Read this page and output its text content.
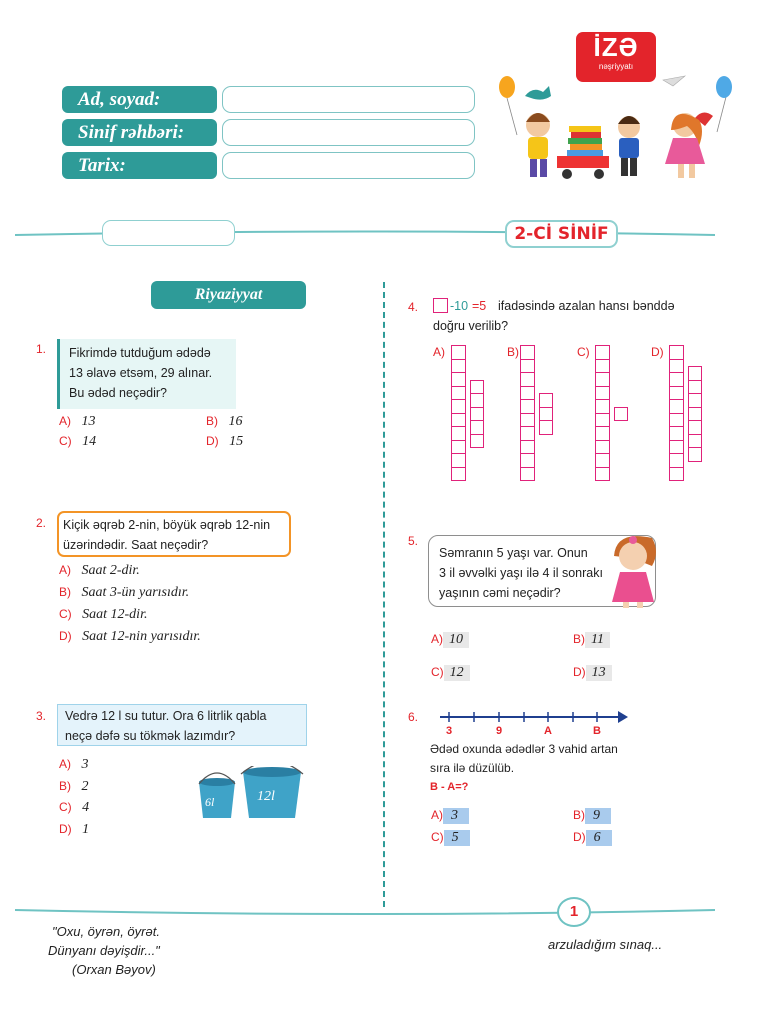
Ad, soyad:
Sinif rəhbəri:
Tarix:
İZƏ
nəşriyyatı
2-Cİ SİNİF
Riyaziyyat
1. Fikrimdə tutduğum ədədə
13 əlavə etsəm, 29 alınar.
Bu ədəd neçədir?
A) 13	B) 16
C) 14	D) 15
2. Kiçik əqrəb 2-nin, böyük əqrəb 12-nin
üzərindədir. Saat neçədir?
A) Saat 2-dir.
B) Saat 3-ün yarısıdır.
C) Saat 12-dir.
D) Saat 12-nin yarısıdır.
3. Vedrə 12 l su tutur. Ora 6 litrlik qabla
neçə dəfə su tökmək lazımdır?
A) 3
B) 2
C) 4
D) 1
6l	12l
4.	-10 =5 ifadəsində azalan hansı bənddə
doğru verilib?
A)	B)	C)	D)
5.
Səmranın 5 yaşı var. Onun
3 il əvvəlki yaşı ilə 4 il sonrakı
yaşının cəmi neçədir?
A) 10	B) 11
C) 12	D) 13
6.
3	9	A	B
Ədəd oxunda ədədlər 3 vahid artan
sıra ilə düzülüb.
B - A=?
A) 3	B) 9
C) 5	D) 6
1
"Oxu, öyrən, öyrət.
Dünyanı dəyişdir..."
(Orxan Bəyov)
arzuladığım sınaq...
